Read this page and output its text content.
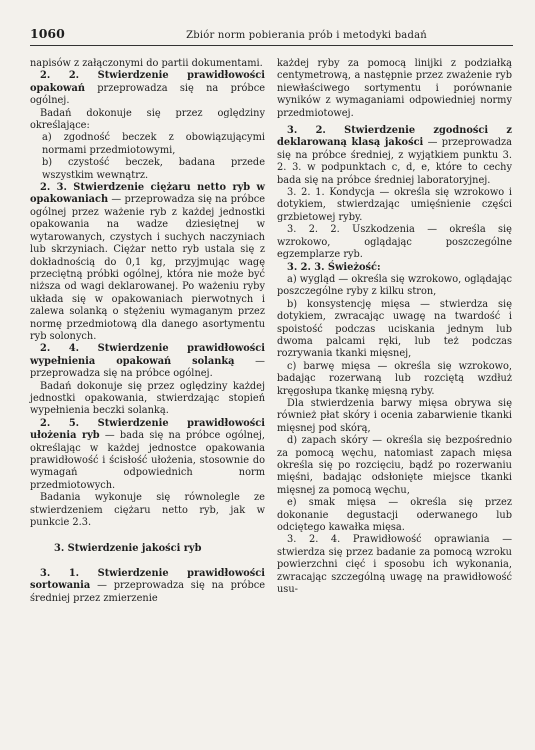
1060	Zbiór norm pobierania prób i metodyki badań

napisów z załączonymi do partii dokumentami.

2. 2. Stwierdzenie prawidłowości opakowań przeprowadza się na próbce ogólnej.

Badań dokonuje się przez oględziny określające:

a) zgodność beczek z obowiązującymi normami przedmiotowymi,

b) czystość beczek, badana przede wszystkim wewnątrz.

2. 3. Stwierdzenie ciężaru netto ryb w opakowaniach — przeprowadza się na próbce ogólnej przez ważenie ryb z każdej jednostki opakowania na wadze dziesiętnej w wytarowanych, czystych i suchych naczyniach lub skrzyniach. Ciężar netto ryb ustala się z dokładnością do 0,1 kg, przyjmując wagę przeciętną próbki ogólnej, która nie może być niższa od wagi deklarowanej. Po ważeniu ryby układa się w opakowaniach pierwotnych i zalewa solanką o stężeniu wymaganym przez normę przedmiotową dla danego asortymentu ryb solonych.

2. 4. Stwierdzenie prawidłowości wypełnienia opakowań solanką — przeprowadza się na próbce ogólnej.

Badań dokonuje się przez oględziny każdej jednostki opakowania, stwierdzając stopień wypełnienia beczki solanką.

2. 5. Stwierdzenie prawidłowości ułożenia ryb — bada się na próbce ogólnej, określając w każdej jednostce opakowania prawidłowość i ścisłość ułożenia, stosownie do wymagań odpowiednich norm przedmiotowych.

Badania wykonuje się równolegle ze stwierdzeniem ciężaru netto ryb, jak w punkcie 2.3.

3. Stwierdzenie jakości ryb

3. 1. Stwierdzenie prawidłowości sortowania — przeprowadza się na próbce średniej przez zmierzenie

każdej ryby za pomocą linijki z podziałką centymetrową, a następnie przez zważenie ryb niewłaściwego sortymentu i porównanie wyników z wymaganiami odpowiedniej normy przedmiotowej.

3. 2. Stwierdzenie zgodności z deklarowaną klasą jakości — przeprowadza się na próbce średniej, z wyjątkiem punktu 3. 2. 3. w podpunktach c, d, e, które to cechy bada się na próbce średniej laboratoryjnej.

3. 2. 1. Kondycja — określa się wzrokowo i dotykiem, stwierdzając umięśnienie części grzbietowej ryby.

3. 2. 2. Uszkodzenia — określa się wzrokowo, oglądając poszczególne egzemplarze ryb.

3. 2. 3. Świeżość:

a) wygląd — określa się wzrokowo, oglądając poszczególne ryby z kilku stron,

b) konsystencję mięsa — stwierdza się dotykiem, zwracając uwagę na twardość i spoistość podczas uciskania jednym lub dwoma palcami ręki, lub też podczas rozrywania tkanki mięsnej,

c) barwę mięsa — określa się wzrokowo, badając rozerwaną lub rozciętą wzdłuż kręgosłupa tkankę mięsną ryby.

Dla stwierdzenia barwy mięsa obrywa się również płat skóry i ocenia zabarwienie tkanki mięsnej pod skórą,

d) zapach skóry — określa się bezpośrednio za pomocą węchu, natomiast zapach mięsa określa się po rozcięciu, bądź po rozerwaniu mięśni, badając odsłonięte miejsce tkanki mięsnej za pomocą węchu,

e) smak mięsa — określa się przez dokonanie degustacji oderwanego lub odciętego kawałka mięsa.

3. 2. 4. Prawidłowość oprawiania — stwierdza się przez badanie za pomocą wzroku powierzchni cięć i sposobu ich wykonania, zwracając szczególną uwagę na prawidłowość usu-
